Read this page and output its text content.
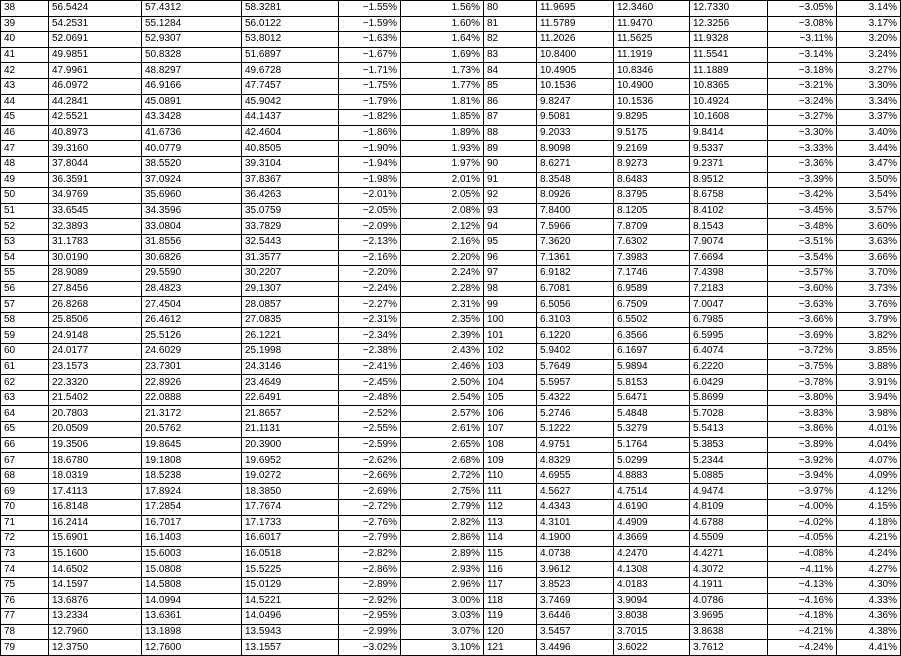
38	56.5424	57.4312	58.3281	−1.55%	1.56%	80	11.9695	12.3460	12.7330	−3.05%	3.14%
39	54.2531	55.1284	56.0122	−1.59%	1.60%	81	11.5789	11.9470	12.3256	−3.08%	3.17%
40	52.0691	52.9307	53.8012	−1.63%	1.64%	82	11.2026	11.5625	11.9328	−3.11%	3.20%
41	49.9851	50.8328	51.6897	−1.67%	1.69%	83	10.8400	11.1919	11.5541	−3.14%	3.24%
42	47.9961	48.8297	49.6728	−1.71%	1.73%	84	10.4905	10.8346	11.1889	−3.18%	3.27%
43	46.0972	46.9166	47.7457	−1.75%	1.77%	85	10.1536	10.4900	10.8365	−3.21%	3.30%
44	44.2841	45.0891	45.9042	−1.79%	1.81%	86	9.8247	10.1536	10.4924	−3.24%	3.34%
45	42.5521	43.3428	44.1437	−1.82%	1.85%	87	9.5081	9.8295	10.1608	−3.27%	3.37%
46	40.8973	41.6736	42.4604	−1.86%	1.89%	88	9.2033	9.5175	9.8414	−3.30%	3.40%
47	39.3160	40.0779	40.8505	−1.90%	1.93%	89	8.9098	9.2169	9.5337	−3.33%	3.44%
48	37.8044	38.5520	39.3104	−1.94%	1.97%	90	8.6271	8.9273	9.2371	−3.36%	3.47%
49	36.3591	37.0924	37.8367	−1.98%	2.01%	91	8.3548	8.6483	8.9512	−3.39%	3.50%
50	34.9769	35.6960	36.4263	−2.01%	2.05%	92	8.0926	8.3795	8.6758	−3.42%	3.54%
51	33.6545	34.3596	35.0759	−2.05%	2.08%	93	7.8400	8.1205	8.4102	−3.45%	3.57%
52	32.3893	33.0804	33.7829	−2.09%	2.12%	94	7.5966	7.8709	8.1543	−3.48%	3.60%
53	31.1783	31.8556	32.5443	−2.13%	2.16%	95	7.3620	7.6302	7.9074	−3.51%	3.63%
54	30.0190	30.6826	31.3577	−2.16%	2.20%	96	7.1361	7.3983	7.6694	−3.54%	3.66%
55	28.9089	29.5590	30.2207	−2.20%	2.24%	97	6.9182	7.1746	7.4398	−3.57%	3.70%
56	27.8456	28.4823	29.1307	−2.24%	2.28%	98	6.7081	6.9589	7.2183	−3.60%	3.73%
57	26.8268	27.4504	28.0857	−2.27%	2.31%	99	6.5056	6.7509	7.0047	−3.63%	3.76%
58	25.8506	26.4612	27.0835	−2.31%	2.35%	100	6.3103	6.5502	6.7985	−3.66%	3.79%
59	24.9148	25.5126	26.1221	−2.34%	2.39%	101	6.1220	6.3566	6.5995	−3.69%	3.82%
60	24.0177	24.6029	25.1998	−2.38%	2.43%	102	5.9402	6.1697	6.4074	−3.72%	3.85%
61	23.1573	23.7301	24.3146	−2.41%	2.46%	103	5.7649	5.9894	6.2220	−3.75%	3.88%
62	22.3320	22.8926	23.4649	−2.45%	2.50%	104	5.5957	5.8153	6.0429	−3.78%	3.91%
63	21.5402	22.0888	22.6491	−2.48%	2.54%	105	5.4322	5.6471	5.8699	−3.80%	3.94%
64	20.7803	21.3172	21.8657	−2.52%	2.57%	106	5.2746	5.4848	5.7028	−3.83%	3.98%
65	20.0509	20.5762	21.1131	−2.55%	2.61%	107	5.1222	5.3279	5.5413	−3.86%	4.01%
66	19.3506	19.8645	20.3900	−2.59%	2.65%	108	4.9751	5.1764	5.3853	−3.89%	4.04%
67	18.6780	19.1808	19.6952	−2.62%	2.68%	109	4.8329	5.0299	5.2344	−3.92%	4.07%
68	18.0319	18.5238	19.0272	−2.66%	2.72%	110	4.6955	4.8883	5.0885	−3.94%	4.09%
69	17.4113	17.8924	18.3850	−2.69%	2.75%	111	4.5627	4.7514	4.9474	−3.97%	4.12%
70	16.8148	17.2854	17.7674	−2.72%	2.79%	112	4.4343	4.6190	4.8109	−4.00%	4.15%
71	16.2414	16.7017	17.1733	−2.76%	2.82%	113	4.3101	4.4909	4.6788	−4.02%	4.18%
72	15.6901	16.1403	16.6017	−2.79%	2.86%	114	4.1900	4.3669	4.5509	−4.05%	4.21%
73	15.1600	15.6003	16.0518	−2.82%	2.89%	115	4.0738	4.2470	4.4271	−4.08%	4.24%
74	14.6502	15.0808	15.5225	−2.86%	2.93%	116	3.9612	4.1308	4.3072	−4.11%	4.27%
75	14.1597	14.5808	15.0129	−2.89%	2.96%	117	3.8523	4.0183	4.1911	−4.13%	4.30%
76	13.6876	14.0994	14.5221	−2.92%	3.00%	118	3.7469	3.9094	4.0786	−4.16%	4.33%
77	13.2334	13.6361	14.0496	−2.95%	3.03%	119	3.6446	3.8038	3.9695	−4.18%	4.36%
78	12.7960	13.1898	13.5943	−2.99%	3.07%	120	3.5457	3.7015	3.8638	−4.21%	4.38%
79	12.3750	12.7600	13.1557	−3.02%	3.10%	121	3.4496	3.6022	3.7612	−4.24%	4.41%
